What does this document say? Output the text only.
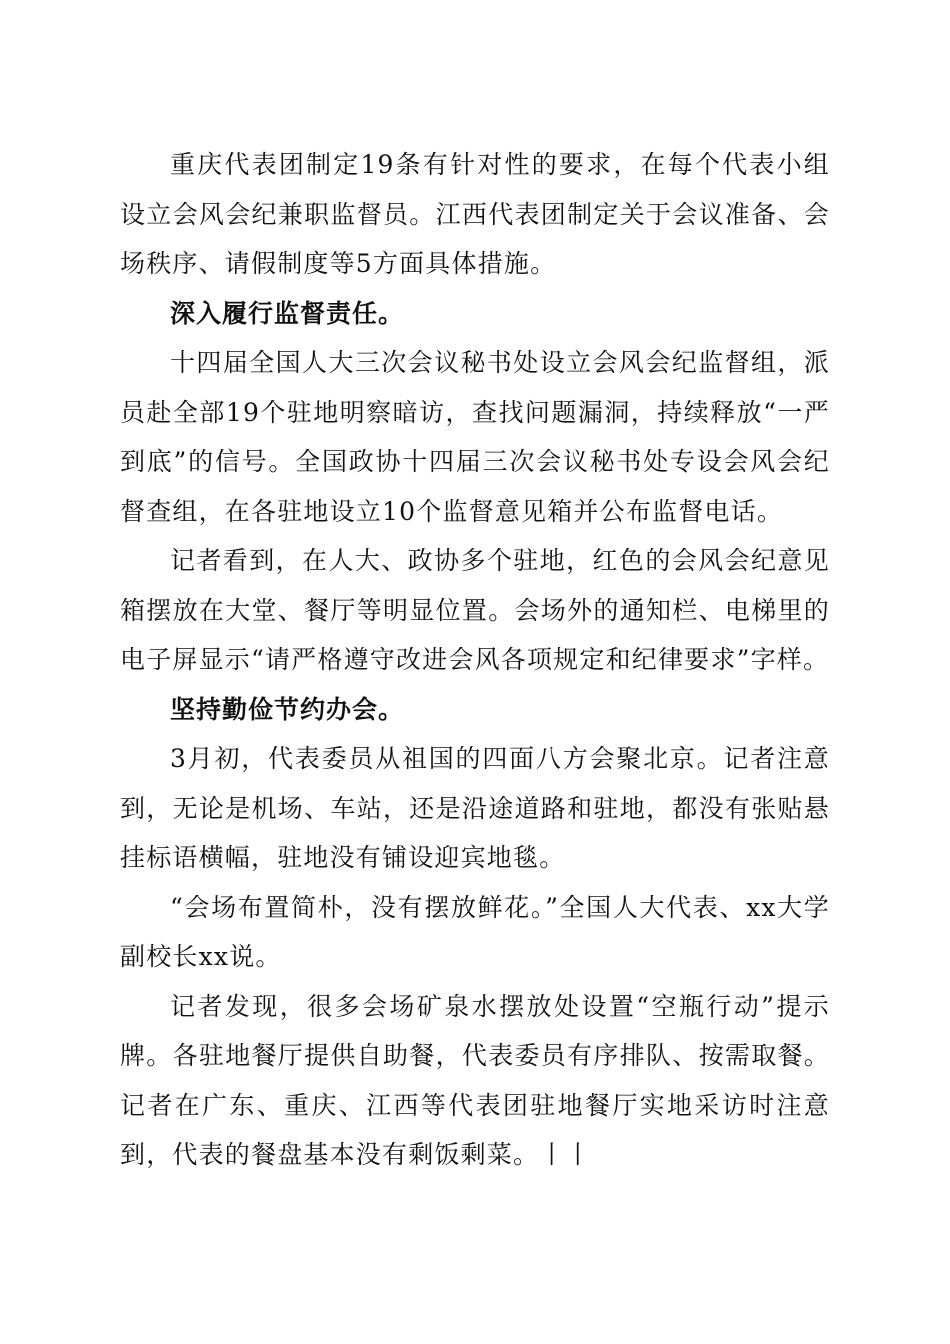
重庆代表团制定19条有针对性的要求，在每个代表小组设立会风会纪兼职监督员。江西代表团制定关于会议准备、会场秩序、请假制度等5方面具体措施。

深入履行监督责任。

十四届全国人大三次会议秘书处设立会风会纪监督组，派员赴全部19个驻地明察暗访，查找问题漏洞，持续释放“一严到底”的信号。全国政协十四届三次会议秘书处专设会风会纪督查组，在各驻地设立10个监督意见箱并公布监督电话。

记者看到，在人大、政协多个驻地，红色的会风会纪意见箱摆放在大堂、餐厅等明显位置。会场外的通知栏、电梯里的电子屏显示“请严格遵守改进会风各项规定和纪律要求”字样。

坚持勤俭节约办会。

3月初，代表委员从祖国的四面八方会聚北京。记者注意到，无论是机场、车站，还是沿途道路和驻地，都没有张贴悬挂标语横幅，驻地没有铺设迎宾地毯。

“会场布置简朴，没有摆放鲜花。”全国人大代表、xx大学副校长xx说。

记者发现，很多会场矿泉水摆放处设置“空瓶行动”提示牌。各驻地餐厅提供自助餐，代表委员有序排队、按需取餐。记者在广东、重庆、江西等代表团驻地餐厅实地采访时注意到，代表的餐盘基本没有剩饭剩菜。丨丨
